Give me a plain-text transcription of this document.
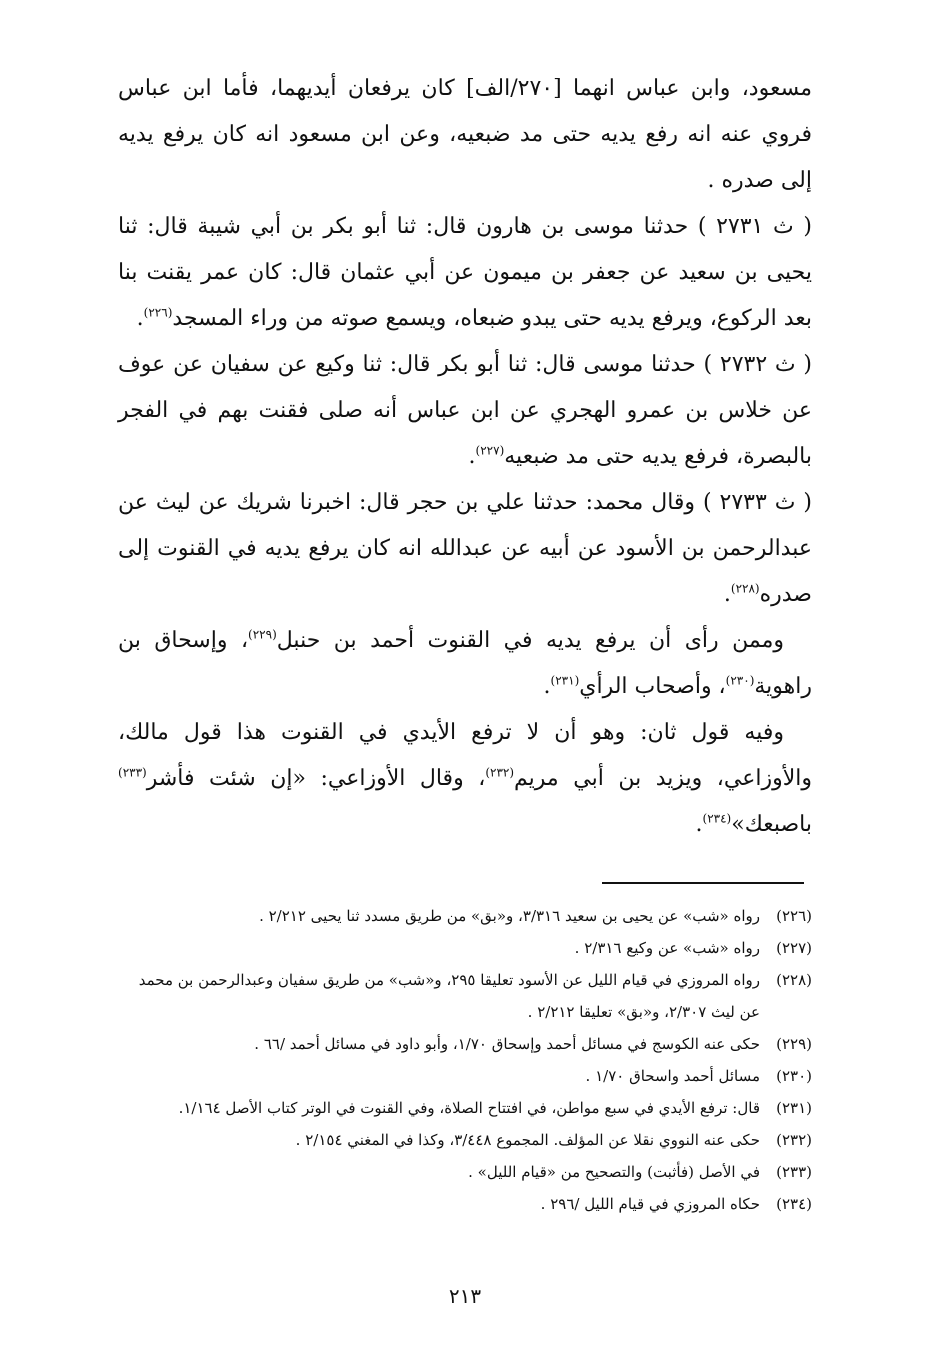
مسعود، وابن عباس انهما [٢٧٠/الف] كان يرفعان أيديهما، فأما ابن عباس فروي عنه انه رفع يديه حتى مد ضبعيه، وعن ابن مسعود انه كان يرفع يديه إلى صدره .

( ث ٢٧٣١ ) حدثنا موسى بن هارون قال: ثنا أبو بكر بن أبي شيبة قال: ثنا يحيى بن سعيد عن جعفر بن ميمون عن أبي عثمان قال: كان عمر يقنت بنا بعد الركوع، ويرفع يديه حتى يبدو ضبعاه، ويسمع صوته من وراء المسجد$^{(٢٢٦)}$.

( ث ٢٧٣٢ ) حدثنا موسى قال: ثنا أبو بكر قال: ثنا وكيع عن سفيان عن عوف عن خلاس بن عمرو الهجري عن ابن عباس أنه صلى فقنت بهم في الفجر بالبصرة، فرفع يديه حتى مد ضبعيه$^{(٢٢٧)}$.

( ث ٢٧٣٣ ) وقال محمد: حدثنا علي بن حجر قال: اخبرنا شريك عن ليث عن عبدالرحمن بن الأسود عن أبيه عن عبدالله انه كان يرفع يديه في القنوت إلى صدره$^{(٢٢٨)}$.

وممن رأى أن يرفع يديه في القنوت أحمد بن حنبل$^{(٢٢٩)}$، وإسحاق بن راهوية$^{(٢٣٠)}$، وأصحاب الرأي$^{(٢٣١)}$.

وفيه قول ثان: وهو أن لا ترفع الأيدي في القنوت هذا قول مالك، والأوزاعي، ويزيد بن أبي مريم$^{(٢٣٢)}$، وقال الأوزاعي: «إن شئت فأشر$^{(٢٣٣)}$ باصبعك»$^{(٢٣٤)}$.

(٢٢٦)رواه «شب» عن يحيى بن سعيد ٣/٣١٦، و«بق» من طريق مسدد ثنا يحيى ٢/٢١٢ .
(٢٢٧)رواه «شب» عن وكيع ٢/٣١٦ .
(٢٢٨)رواه المروزي في قيام الليل عن الأسود تعليقا ٢٩٥، و«شب» من طريق سفيان وعبدالرحمن بن محمد عن ليث ٢/٣٠٧، و«بق» تعليقا ٢/٢١٢ .
(٢٢٩)حكى عنه الكوسج في مسائل أحمد وإسحاق ١/٧٠، وأبو داود في مسائل أحمد /٦٦ .
(٢٣٠)مسائل أحمد واسحاق ١/٧٠ .
(٢٣١)قال: ترفع الأيدي في سبع مواطن، في افتتاح الصلاة، وفي القنوت في الوتر كتاب الأصل ١/١٦٤.
(٢٣٢)حكى عنه النووي نقلا عن المؤلف. المجموع ٣/٤٤٨، وكذا في المغني ٢/١٥٤ .
(٢٣٣)في الأصل (فأثبت) والتصحيح من «قيام الليل» .
(٢٣٤)حكاه المروزي في قيام الليل /٢٩٦ .
٢١٣
